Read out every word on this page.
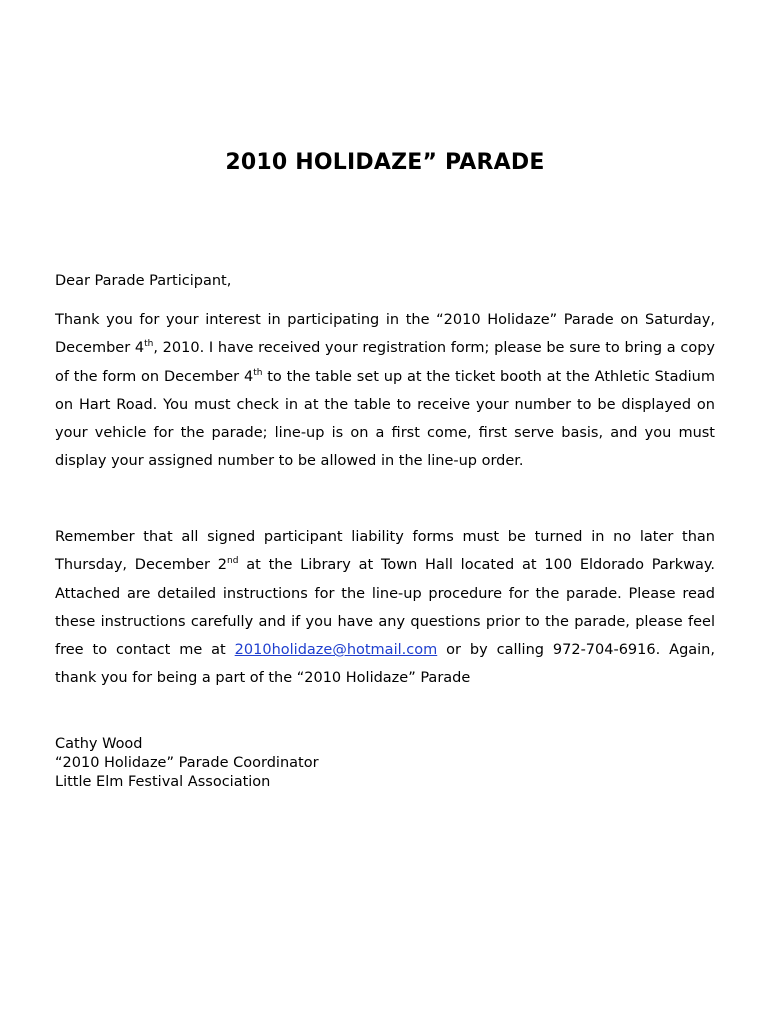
2010 HOLIDAZE” PARADE
Dear Parade Participant,
Thank you for your interest in participating in the “2010 Holidaze” Parade on Saturday, December 4th, 2010. I have received your registration form; please be sure to bring a copy of the form on December 4th to the table set up at the ticket booth at the Athletic Stadium on Hart Road. You must check in at the table to receive your number to be displayed on your vehicle for the parade; line-up is on a first come, first serve basis, and you must display your assigned number to be allowed in the line-up order.
Remember that all signed participant liability forms must be turned in no later than Thursday, December 2nd at the Library at Town Hall located at 100 Eldorado Parkway. Attached are detailed instructions for the line-up procedure for the parade. Please read these instructions carefully and if you have any questions prior to the parade, please feel free to contact me at 2010holidaze@hotmail.com or by calling 972-704-6916. Again, thank you for being a part of the “2010 Holidaze” Parade
Cathy Wood
“2010 Holidaze” Parade Coordinator
Little Elm Festival Association
